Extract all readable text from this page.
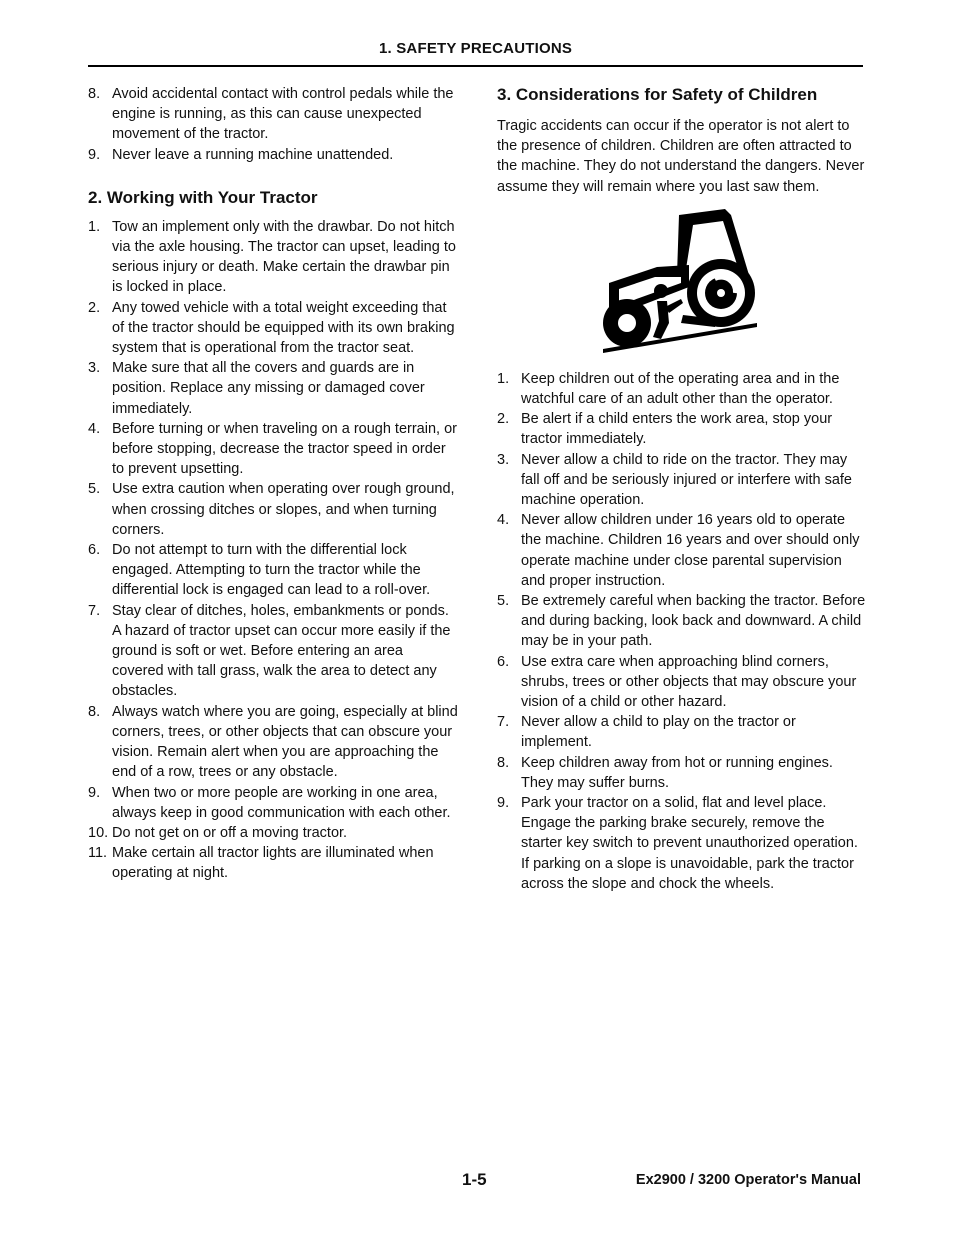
1. SAFETY PRECAUTIONS
8. Avoid accidental contact with control pedals while the engine is running, as this can cause unexpected movement of the tractor.
9. Never leave a running machine unattended.
2. Working with Your Tractor
1. Tow an implement only with the drawbar. Do not hitch via the axle housing. The tractor can upset, leading to serious injury or death. Make certain the drawbar pin is locked in place.
2. Any towed vehicle with a total weight exceeding that of the tractor should be equipped with its own braking system that is operational from the tractor seat.
3. Make sure that all the covers and guards are in position. Replace any missing or damaged cover immediately.
4. Before turning or when traveling on a rough terrain, or before stopping, decrease the tractor speed in order to prevent upsetting.
5. Use extra caution when operating over rough ground, when crossing ditches or slopes, and when turning corners.
6. Do not attempt to turn with the differential lock engaged. Attempting to turn the tractor while the differential lock is engaged can lead to a roll-over.
7. Stay clear of ditches, holes, embankments or ponds. A hazard of tractor upset can occur more easily if the ground is soft or wet. Before entering an area covered with tall grass, walk the area to detect any obstacles.
8. Always watch where you are going, especially at blind corners, trees, or other objects that can obscure your vision. Remain alert when you are approaching the end of a row, trees or any obstacle.
9. When two or more people are working in one area, always keep in good communication with each other.
10. Do not get on or off a moving tractor.
11. Make certain all tractor lights are illuminated when operating at night.
3. Considerations for Safety of Children

Tragic accidents can occur if the operator is not alert to the presence of children. Children are often attracted to the machine. They do not understand the dangers. Never assume they will remain where you last saw them.

1. Keep children out of the operating area and in the watchful care of an adult other than the operator.
2. Be alert if a child enters the work area, stop your tractor immediately.
3. Never allow a child to ride on the tractor. They may fall off and be seriously injured or interfere with safe machine operation.
4. Never allow children under 16 years old to operate the machine. Children 16 years and over should only operate machine under close parental supervision and proper instruction.
5. Be extremely careful when backing the tractor. Before and during backing, look back and downward. A child may be in your path.
6. Use extra care when approaching blind corners, shrubs, trees or other objects that may obscure your vision of a child or other hazard.
7. Never allow a child to play on the tractor or implement.
8. Keep children away from hot or running engines. They may suffer burns.
9. Park your tractor on a solid, flat and level place. Engage the parking brake securely, remove the starter key switch to prevent unauthorized operation. If parking on a slope is unavoidable, park the tractor across the slope and chock the wheels.
1-5	Ex2900 / 3200 Operator's Manual
